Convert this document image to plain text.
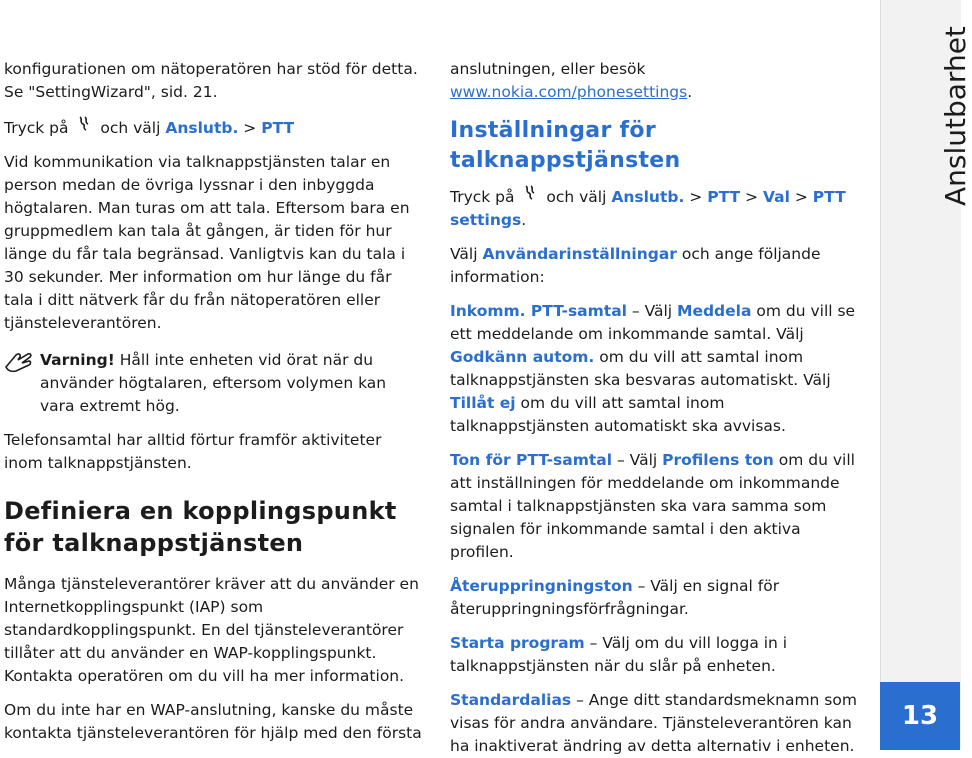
konfigurationen om nätoperatören har stöd för detta. Se "SettingWizard", sid. 21.

Tryck på och välj Anslutb. > PTT

Vid kommunikation via talknappstjänsten talar en person medan de övriga lyssnar i den inbyggda högtalaren. Man turas om att tala. Eftersom bara en gruppmedlem kan tala åt gången, är tiden för hur länge du får tala begränsad. Vanligtvis kan du tala i 30 sekunder. Mer information om hur länge du får tala i ditt nätverk får du från nätoperatören eller tjänsteleverantören.

Varning! Håll inte enheten vid örat när du använder högtalaren, eftersom volymen kan vara extremt hög.

Telefonsamtal har alltid förtur framför aktiviteter inom talknappstjänsten.

Definiera en kopplingspunkt för talknappstjänsten

Många tjänsteleverantörer kräver att du använder en Internetkopplingspunkt (IAP) som standardkopplingspunkt. En del tjänsteleverantörer tillåter att du använder en WAP-kopplingspunkt. Kontakta operatören om du vill ha mer information.

Om du inte har en WAP-anslutning, kanske du måste kontakta tjänsteleverantören för hjälp med den första

anslutningen, eller besök
www.nokia.com/phonesettings.

Inställningar för talknappstjänsten

Tryck på och välj Anslutb. > PTT > Val > PTT settings.

Välj Användarinställningar och ange följande information:

Inkomm. PTT-samtal – Välj Meddela om du vill se ett meddelande om inkommande samtal. Välj Godkänn autom. om du vill att samtal inom talknappstjänsten ska besvaras automatiskt. Välj Tillåt ej om du vill att samtal inom talknappstjänsten automatiskt ska avvisas.

Ton för PTT-samtal – Välj Profilens ton om du vill att inställningen för meddelande om inkommande samtal i talknappstjänsten ska vara samma som signalen för inkommande samtal i den aktiva profilen.

Återuppringningston – Välj en signal för återuppringningsförfrågningar.

Starta program – Välj om du vill logga in i talknappstjänsten när du slår på enheten.

Standardalias – Ange ditt standardsmeknamn som visas för andra användare. Tjänsteleverantören kan ha inaktiverat ändring av detta alternativ i enheten.

Anslutbarhet
13
